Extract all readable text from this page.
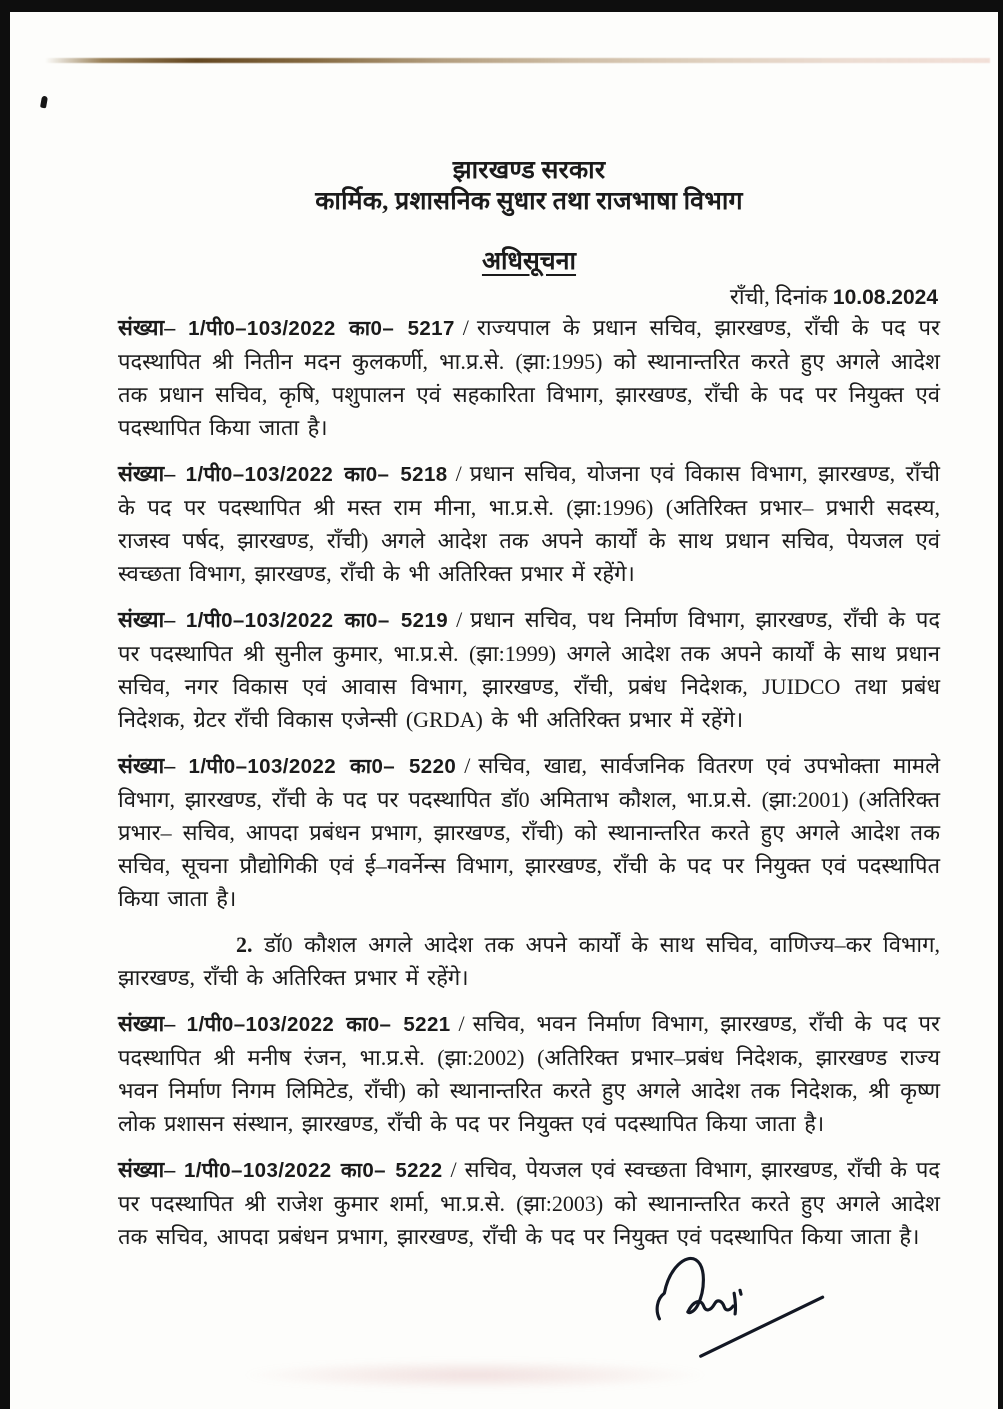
झारखण्ड सरकार

कार्मिक, प्रशासनिक सुधार तथा राजभाषा विभाग

अधिसूचना

राँची, दिनांक 10.08.2024

संख्या– 1/पी0–103/2022 का0– 5217 / राज्यपाल के प्रधान सचिव, झारखण्ड, राँची के पद पर पदस्थापित श्री नितीन मदन कुलकर्णी, भा.प्र.से. (झा:1995) को स्थानान्तरित करते हुए अगले आदेश तक प्रधान सचिव, कृषि, पशुपालन एवं सहकारिता विभाग, झारखण्ड, राँची के पद पर नियुक्त एवं पदस्थापित किया जाता है।

संख्या– 1/पी0–103/2022 का0– 5218 / प्रधान सचिव, योजना एवं विकास विभाग, झारखण्ड, राँची के पद पर पदस्थापित श्री मस्त राम मीना, भा.प्र.से. (झा:1996) (अतिरिक्त प्रभार– प्रभारी सदस्य, राजस्व पर्षद, झारखण्ड, राँची) अगले आदेश तक अपने कार्यों के साथ प्रधान सचिव, पेयजल एवं स्वच्छता विभाग, झारखण्ड, राँची के भी अतिरिक्त प्रभार में रहेंगे।

संख्या– 1/पी0–103/2022 का0– 5219 / प्रधान सचिव, पथ निर्माण विभाग, झारखण्ड, राँची के पद पर पदस्थापित श्री सुनील कुमार, भा.प्र.से. (झा:1999) अगले आदेश तक अपने कार्यों के साथ प्रधान सचिव, नगर विकास एवं आवास विभाग, झारखण्ड, राँची, प्रबंध निदेशक, JUIDCO तथा प्रबंध निदेशक, ग्रेटर राँची विकास एजेन्सी (GRDA) के भी अतिरिक्त प्रभार में रहेंगे।

संख्या– 1/पी0–103/2022 का0– 5220 / सचिव, खाद्य, सार्वजनिक वितरण एवं उपभोक्ता मामले विभाग, झारखण्ड, राँची के पद पर पदस्थापित डॉ0 अमिताभ कौशल, भा.प्र.से. (झा:2001) (अतिरिक्त प्रभार– सचिव, आपदा प्रबंधन प्रभाग, झारखण्ड, राँची) को स्थानान्तरित करते हुए अगले आदेश तक सचिव, सूचना प्रौद्योगिकी एवं ई–गवर्नेन्स विभाग, झारखण्ड, राँची के पद पर नियुक्त एवं पदस्थापित किया जाता है।

2. डॉ0 कौशल अगले आदेश तक अपने कार्यों के साथ सचिव, वाणिज्य–कर विभाग, झारखण्ड, राँची के अतिरिक्त प्रभार में रहेंगे।

संख्या– 1/पी0–103/2022 का0– 5221 / सचिव, भवन निर्माण विभाग, झारखण्ड, राँची के पद पर पदस्थापित श्री मनीष रंजन, भा.प्र.से. (झा:2002) (अतिरिक्त प्रभार–प्रबंध निदेशक, झारखण्ड राज्य भवन निर्माण निगम लिमिटेड, राँची) को स्थानान्तरित करते हुए अगले आदेश तक निदेशक, श्री कृष्ण लोक प्रशासन संस्थान, झारखण्ड, राँची के पद पर नियुक्त एवं पदस्थापित किया जाता है।

संख्या– 1/पी0–103/2022 का0– 5222 / सचिव, पेयजल एवं स्वच्छता विभाग, झारखण्ड, राँची के पद पर पदस्थापित श्री राजेश कुमार शर्मा, भा.प्र.से. (झा:2003) को स्थानान्तरित करते हुए अगले आदेश तक सचिव, आपदा प्रबंधन प्रभाग, झारखण्ड, राँची के पद पर नियुक्त एवं पदस्थापित किया जाता है।
